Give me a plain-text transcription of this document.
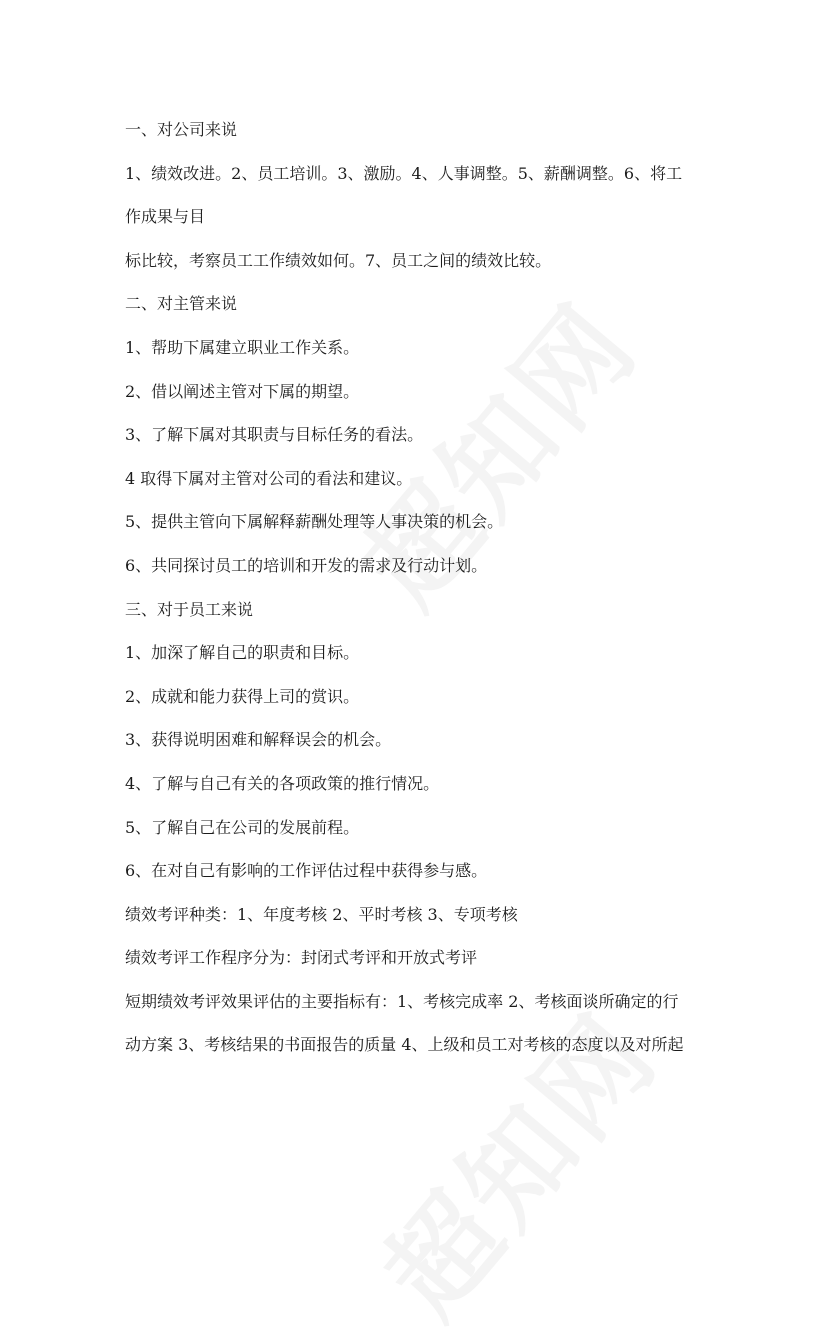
一、对公司来说

1、绩效改进。2、员工培训。3、激励。4、人事调整。5、薪酬调整。6、将工

作成果与目

标比较，考察员工工作绩效如何。7、员工之间的绩效比较。

二、对主管来说

1、帮助下属建立职业工作关系。

2、借以阐述主管对下属的期望。

3、了解下属对其职责与目标任务的看法。

4 取得下属对主管对公司的看法和建议。

5、提供主管向下属解释薪酬处理等人事决策的机会。

6、共同探讨员工的培训和开发的需求及行动计划。

三、对于员工来说

1、加深了解自己的职责和目标。

2、成就和能力获得上司的赏识。

3、获得说明困难和解释误会的机会。

4、了解与自己有关的各项政策的推行情况。

5、了解自己在公司的发展前程。

6、在对自己有影响的工作评估过程中获得参与感。

绩效考评种类：1、年度考核 2、平时考核 3、专项考核

绩效考评工作程序分为：封闭式考评和开放式考评

短期绩效考评效果评估的主要指标有：1、考核完成率 2、考核面谈所确定的行

动方案 3、考核结果的书面报告的质量 4、上级和员工对考核的态度以及对所起
